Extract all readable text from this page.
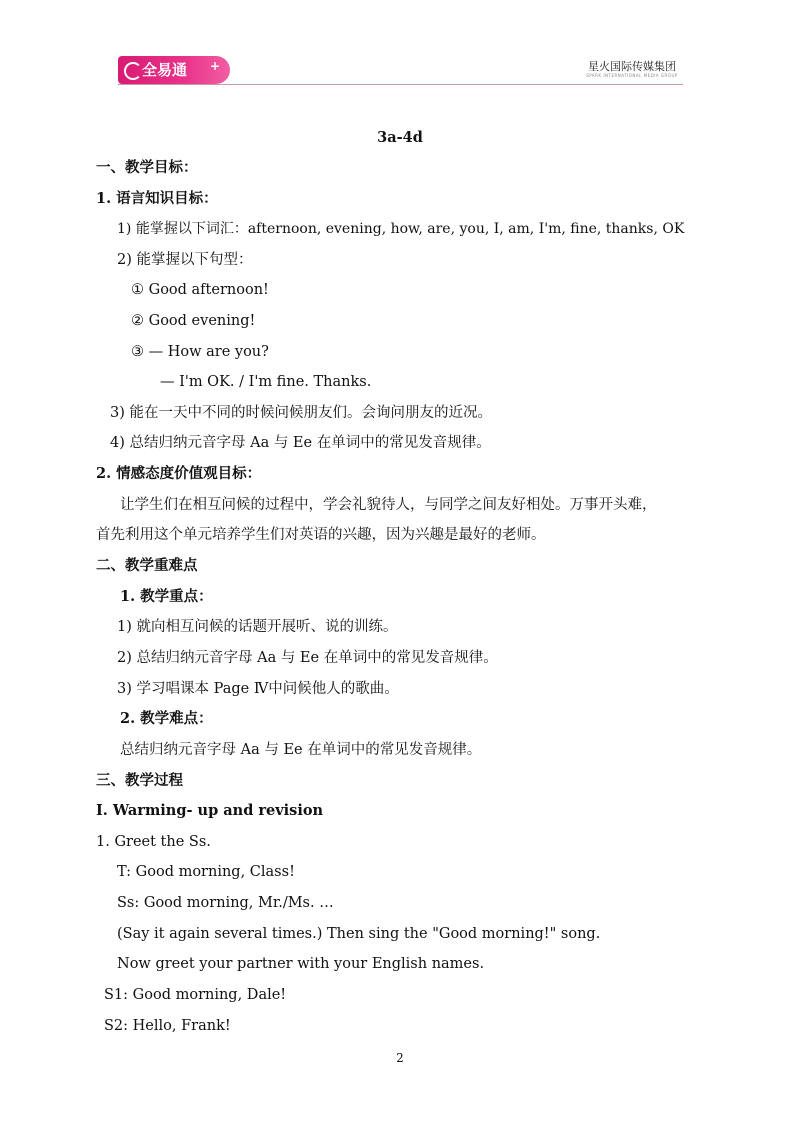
全易通 +	星火国际传媒集团
SPARK INTERNATIONAL MEDIA GROUP
3a-4d
一、教学目标：
1. 语言知识目标：
1) 能掌握以下词汇：afternoon, evening, how, are, you, I, am, I'm, fine, thanks, OK
2) 能掌握以下句型：
① Good afternoon!
② Good evening!
③ — How are you?
— I'm OK. / I'm fine. Thanks.
3) 能在一天中不同的时候问候朋友们。会询问朋友的近况。
4) 总结归纳元音字母 Aa 与 Ee 在单词中的常见发音规律。
2. 情感态度价值观目标：
让学生们在相互问候的过程中，学会礼貌待人，与同学之间友好相处。万事开头难，
首先利用这个单元培养学生们对英语的兴趣，因为兴趣是最好的老师。
二、教学重难点
1. 教学重点：
1) 就向相互问候的话题开展听、说的训练。
2) 总结归纳元音字母 Aa 与 Ee 在单词中的常见发音规律。
3) 学习唱课本 Page Ⅳ中问候他人的歌曲。
2. 教学难点：
总结归纳元音字母 Aa 与 Ee 在单词中的常见发音规律。
三、教学过程
Ⅰ. Warming- up and revision
1. Greet the Ss.
T: Good morning, Class!
Ss: Good morning, Mr./Ms. …
(Say it again several times.) Then sing the "Good morning!" song.
Now greet your partner with your English names.
S1: Good morning, Dale!
S2: Hello, Frank!
2
